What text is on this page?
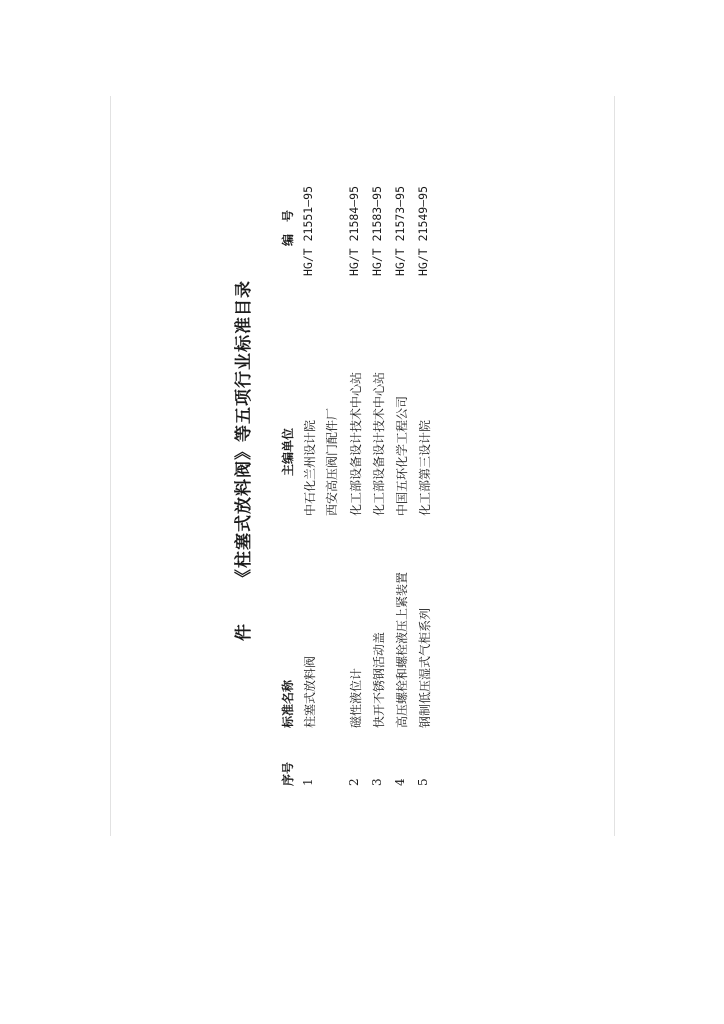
件
《柱塞式放料阀》等五项行业标准目录
序号
标准名称
主编单位
编　号
1
柱塞式放料阀
中石化兰州设计院
HG/T 21551—95
西安高压阀门配件厂
2
磁性液位计
化工部设备设计技术中心站
HG/T 21584—95
3
快开不锈钢活动盖
化工部设备设计技术中心站
HG/T 21583—95
4
高压螺栓和螺栓液压上紧装置
中国五环化学工程公司
HG/T 21573—95
5
钢制低压湿式气柜系列
化工部第三设计院
HG/T 21549—95
